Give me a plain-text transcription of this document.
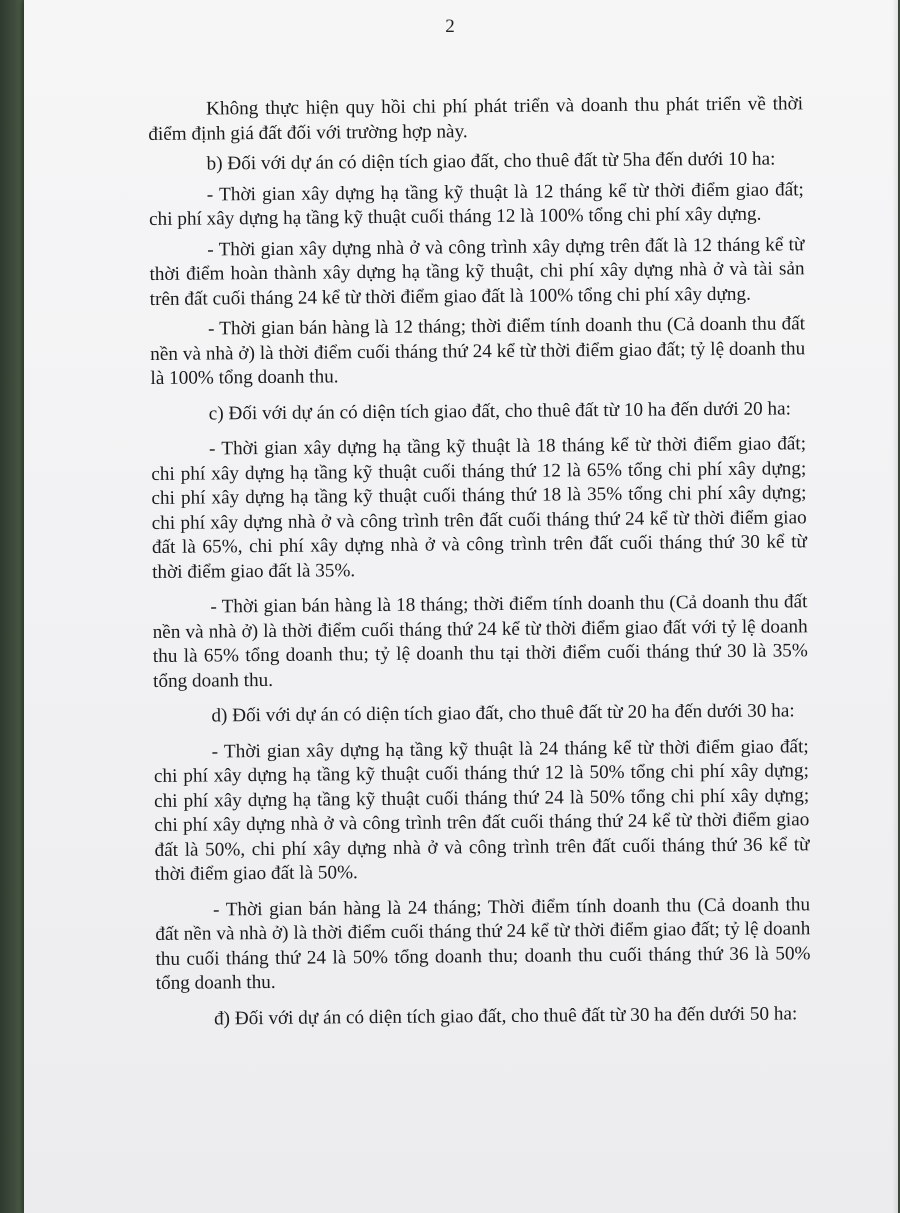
2

Không thực hiện quy hồi chi phí phát triển và doanh thu phát triển về thời điểm định giá đất đối với trường hợp này.

b) Đối với dự án có diện tích giao đất, cho thuê đất từ 5ha đến dưới 10 ha:

- Thời gian xây dựng hạ tầng kỹ thuật là 12 tháng kể từ thời điểm giao đất; chi phí xây dựng hạ tầng kỹ thuật cuối tháng 12 là 100% tổng chi phí xây dựng.

- Thời gian xây dựng nhà ở và công trình xây dựng trên đất là 12 tháng kể từ thời điểm hoàn thành xây dựng hạ tầng kỹ thuật, chi phí xây dựng nhà ở và tài sản trên đất cuối tháng 24 kể từ thời điểm giao đất là 100% tổng chi phí xây dựng.

- Thời gian bán hàng là 12 tháng; thời điểm tính doanh thu (Cả doanh thu đất nền và nhà ở) là thời điểm cuối tháng thứ 24 kể từ thời điểm giao đất; tỷ lệ doanh thu là 100% tổng doanh thu.

c) Đối với dự án có diện tích giao đất, cho thuê đất từ 10 ha đến dưới 20 ha:

- Thời gian xây dựng hạ tầng kỹ thuật là 18 tháng kể từ thời điểm giao đất; chi phí xây dựng hạ tầng kỹ thuật cuối tháng thứ 12 là 65% tổng chi phí xây dựng; chi phí xây dựng hạ tầng kỹ thuật cuối tháng thứ 18 là 35% tổng chi phí xây dựng; chi phí xây dựng nhà ở và công trình trên đất cuối tháng thứ 24 kể từ thời điểm giao đất là 65%, chi phí xây dựng nhà ở và công trình trên đất cuối tháng thứ 30 kể từ thời điểm giao đất là 35%.

- Thời gian bán hàng là 18 tháng; thời điểm tính doanh thu (Cả doanh thu đất nền và nhà ở) là thời điểm cuối tháng thứ 24 kể từ thời điểm giao đất với tỷ lệ doanh thu là 65% tổng doanh thu; tỷ lệ doanh thu tại thời điểm cuối tháng thứ 30 là 35% tổng doanh thu.

d) Đối với dự án có diện tích giao đất, cho thuê đất từ 20 ha đến dưới 30 ha:

- Thời gian xây dựng hạ tầng kỹ thuật là 24 tháng kể từ thời điểm giao đất; chi phí xây dựng hạ tầng kỹ thuật cuối tháng thứ 12 là 50% tổng chi phí xây dựng; chi phí xây dựng hạ tầng kỹ thuật cuối tháng thứ 24 là 50% tổng chi phí xây dựng; chi phí xây dựng nhà ở và công trình trên đất cuối tháng thứ 24 kể từ thời điểm giao đất là 50%, chi phí xây dựng nhà ở và công trình trên đất cuối tháng thứ 36 kể từ thời điểm giao đất là 50%.

- Thời gian bán hàng là 24 tháng; Thời điểm tính doanh thu (Cả doanh thu đất nền và nhà ở) là thời điểm cuối tháng thứ 24 kể từ thời điểm giao đất; tỷ lệ doanh thu cuối tháng thứ 24 là 50% tổng doanh thu; doanh thu cuối tháng thứ 36 là 50% tổng doanh thu.

đ) Đối với dự án có diện tích giao đất, cho thuê đất từ 30 ha đến dưới 50 ha:
